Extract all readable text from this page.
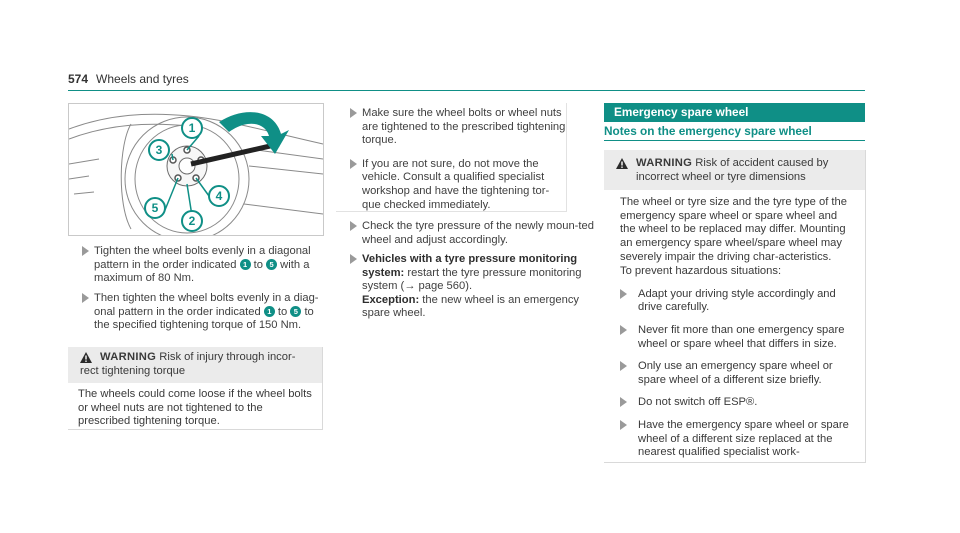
574 Wheels and tyres
1
3
4
5
2
Tighten the wheel bolts evenly in a diagonal pattern in the order indicated 1 to 5 with a maximum of 80 Nm.
Then tighten the wheel bolts evenly in a diag-onal pattern in the order indicated 1 to 5 to the specified tightening torque of 150 Nm.
WARNING Risk of injury through incor-rect tightening torque
The wheels could come loose if the wheel bolts or wheel nuts are not tightened to the prescribed tightening torque.
Make sure the wheel bolts or wheel nuts are tightened to the prescribed tightening torque.
If you are not sure, do not move the vehicle. Consult a qualified specialist workshop and have the tightening tor-que checked immediately.
Check the tyre pressure of the newly moun-ted wheel and adjust accordingly.
Vehicles with a tyre pressure monitoring system: restart the tyre pressure monitoring system (→ page 560).
Exception: the new wheel is an emergency spare wheel.
Emergency spare wheel
Notes on the emergency spare wheel
WARNING Risk of accident caused by incorrect wheel or tyre dimensions
The wheel or tyre size and the tyre type of the emergency spare wheel or spare wheel and the wheel to be replaced may differ. Mounting an emergency spare wheel/spare wheel may severely impair the driving char-acteristics.
To prevent hazardous situations:
Adapt your driving style accordingly and drive carefully.
Never fit more than one emergency spare wheel or spare wheel that differs in size.
Only use an emergency spare wheel or spare wheel of a different size briefly.
Do not switch off ESP®.
Have the emergency spare wheel or spare wheel of a different size replaced at the nearest qualified specialist work-
